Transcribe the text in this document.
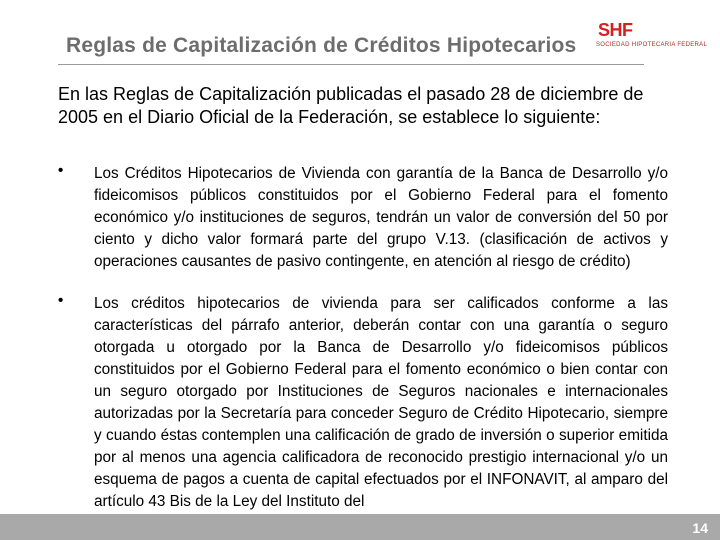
Reglas de Capitalización de Créditos Hipotecarios
SHF
SOCIEDAD HIPOTECARIA FEDERAL

En las Reglas de Capitalización publicadas el pasado 28 de diciembre de 2005 en el Diario Oficial de la Federación, se establece lo siguiente:

• Los Créditos Hipotecarios de Vivienda con garantía de la Banca de Desarrollo y/o fideicomisos públicos constituidos por el Gobierno Federal para el fomento económico y/o instituciones de seguros, tendrán un valor de conversión del 50 por ciento y dicho valor formará parte del grupo V.13. (clasificación de activos y operaciones causantes de pasivo contingente, en atención al riesgo de crédito)

• Los créditos hipotecarios de vivienda para ser calificados conforme a las características del párrafo anterior, deberán contar con una garantía o seguro otorgada u otorgado por la Banca de Desarrollo y/o fideicomisos públicos constituidos por el Gobierno Federal para el fomento económico o bien contar con un seguro otorgado por Instituciones de Seguros nacionales e internacionales autorizadas por la Secretaría para conceder Seguro de Crédito Hipotecario, siempre y cuando éstas contemplen una calificación de grado de inversión o superior emitida por al menos una agencia calificadora de reconocido prestigio internacional y/o un esquema de pagos a cuenta de capital efectuados por el INFONAVIT, al amparo del artículo 43 Bis de la Ley del Instituto del

14
